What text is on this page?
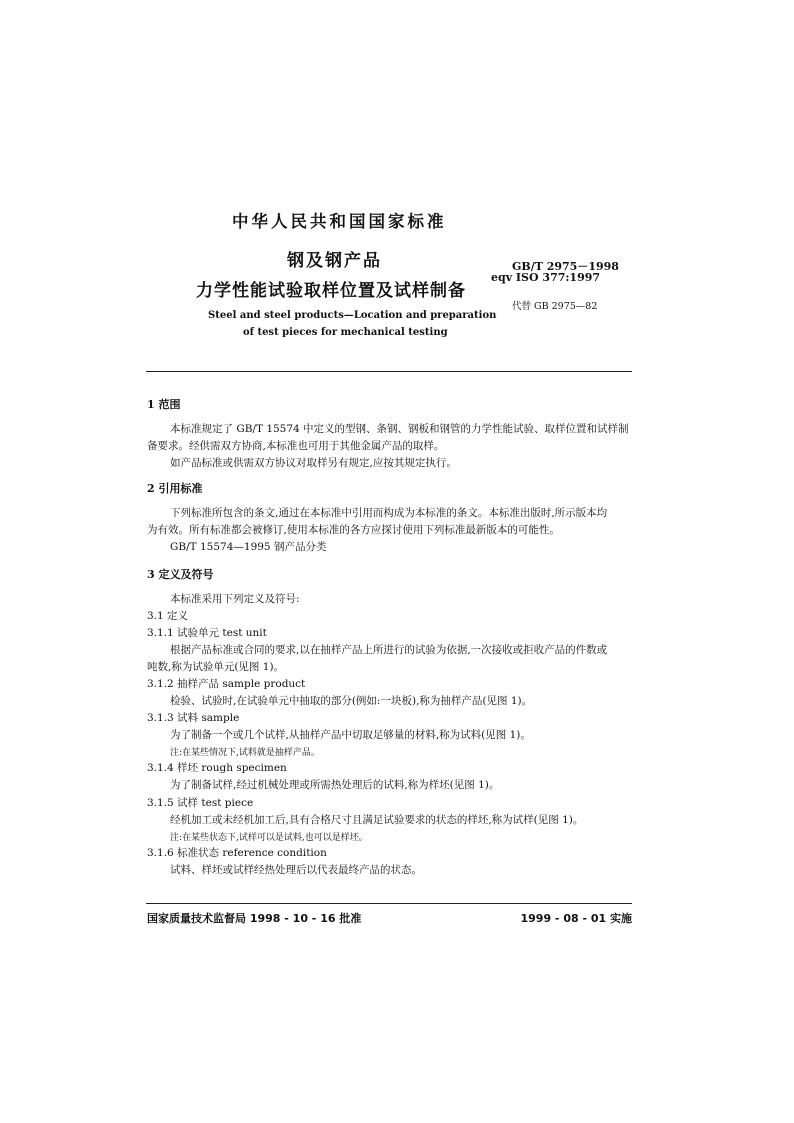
中华人民共和国国家标准
钢及钢产品
力学性能试验取样位置及试样制备
GB/T 2975－1998
eqv ISO 377:1997
代替 GB 2975—82
Steel and steel products—Location and preparation
of test pieces for mechanical testing
1 范围
本标准规定了 GB/T 15574 中定义的型钢、条钢、钢板和钢管的力学性能试验、取样位置和试样制
备要求。经供需双方协商,本标准也可用于其他金属产品的取样。
如产品标准或供需双方协议对取样另有规定,应按其规定执行。
2 引用标准
下列标准所包含的条文,通过在本标准中引用而构成为本标准的条文。本标准出版时,所示版本均
为有效。所有标准都会被修订,使用本标准的各方应探讨使用下列标准最新版本的可能性。
GB/T 15574—1995 钢产品分类
3 定义及符号
本标准采用下列定义及符号:
3.1 定义
3.1.1 试验单元 test unit
根据产品标准或合同的要求,以在抽样产品上所进行的试验为依据,一次接收或拒收产品的件数或
吨数,称为试验单元(见图 1)。
3.1.2 抽样产品 sample product
检验、试验时,在试验单元中抽取的部分(例如:一块板),称为抽样产品(见图 1)。
3.1.3 试料 sample
为了制备一个或几个试样,从抽样产品中切取足够量的材料,称为试料(见图 1)。
注:在某些情况下,试料就是抽样产品。
3.1.4 样坯 rough specimen
为了制备试样,经过机械处理或所需热处理后的试料,称为样坯(见图 1)。
3.1.5 试样 test piece
经机加工或未经机加工后,具有合格尺寸且满足试验要求的状态的样坯,称为试样(见图 1)。
注:在某些状态下,试样可以是试料,也可以是样坯。
3.1.6 标准状态 reference condition
试料、样坯或试样经热处理后以代表最终产品的状态。
国家质量技术监督局 1998 - 10 - 16 批准	1999 - 08 - 01 实施
